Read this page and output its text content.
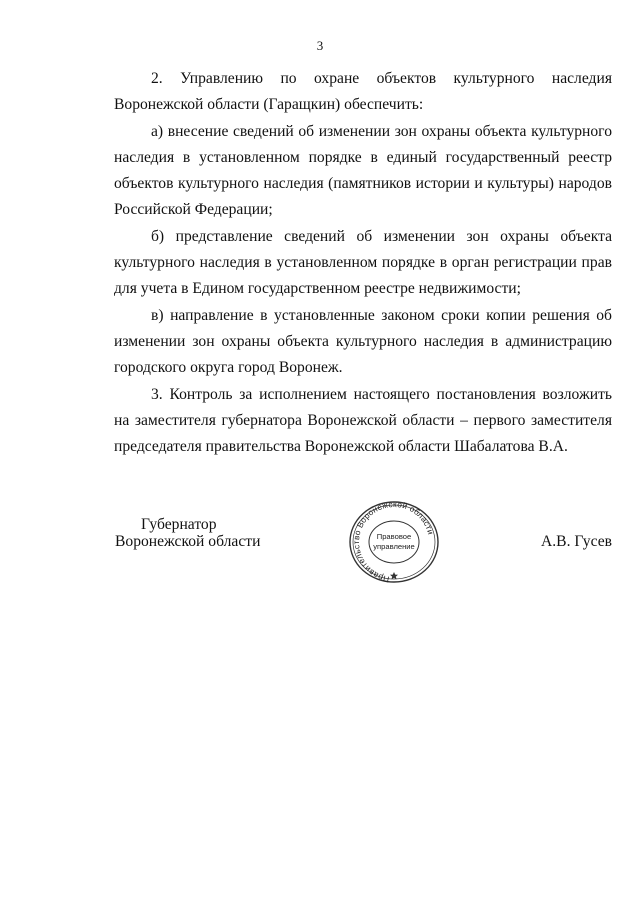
3

2. Управлению по охране объектов культурного наследия Воронежской области (Гаращкин) обеспечить:

а) внесение сведений об изменении зон охраны объекта культурного наследия в установленном порядке в единый государственный реестр объектов культурного наследия (памятников истории и культуры) народов Российской Федерации;

б) представление сведений об изменении зон охраны объекта культурного наследия в установленном порядке в орган регистрации прав для учета в Едином государственном реестре недвижимости;

в) направление в установленные законом сроки копии решения об изменении зон охраны объекта культурного наследия в администрацию городского округа город Воронеж.

3. Контроль за исполнением настоящего постановления возложить на заместителя губернатора Воронежской области – первого заместителя председателя правительства Воронежской области Шабалатова В.А.

Губернатор
Воронежской области
Правительство Воронежской области
Правовое
управление	А.В. Гусев
